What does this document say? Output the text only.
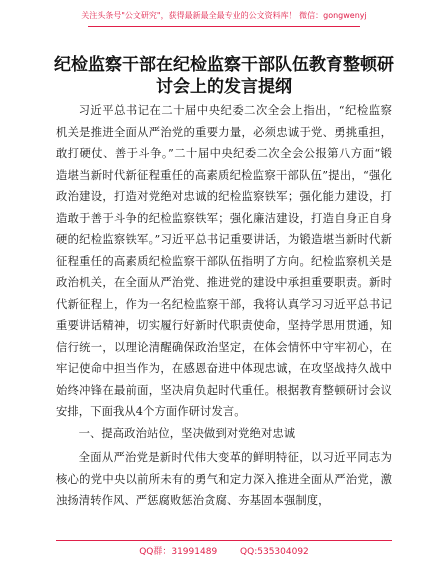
关注头条号"公文研究"，获得最新最全最专业的公文资料库！ 微信：gongwenyj
纪检监察干部在纪检监察干部队伍教育整顿研讨会上的发言提纲

习近平总书记在二十届中央纪委二次全会上指出，“纪检监察机关是推进全面从严治党的重要力量，必须忠诚于党、勇挑重担，敢打硬仗、善于斗争。”二十届中央纪委二次全会公报第八方面“锻造堪当新时代新征程重任的高素质纪检监察干部队伍”提出，“强化政治建设，打造对党绝对忠诚的纪检监察铁军；强化能力建设，打造敢于善于斗争的纪检监察铁军；强化廉洁建设，打造自身正自身硬的纪检监察铁军。”习近平总书记重要讲话，为锻造堪当新时代新征程重任的高素质纪检监察干部队伍指明了方向。纪检监察机关是政治机关，在全面从严治党、推进党的建设中承担重要职责。新时代新征程上，作为一名纪检监察干部，我将认真学习习近平总书记重要讲话精神，切实履行好新时代职责使命，坚持学思用贯通，知信行统一，以理论清醒确保政治坚定，在体会情怀中守牢初心，在牢记使命中担当作为，在感恩奋进中体现忠诚，在攻坚战持久战中始终冲锋在最前面，坚决肩负起时代重任。根据教育整顿研讨会议安排，下面我从4个方面作研讨发言。

一、提高政治站位，坚决做到对党绝对忠诚

全面从严治党是新时代伟大变革的鲜明特征，以习近平同志为核心的党中央以前所未有的勇气和定力深入推进全面从严治党，激浊扬清转作风、严惩腐败惩治贪腐、夯基固本强制度，

QQ群：31991489	QQ:535304092
